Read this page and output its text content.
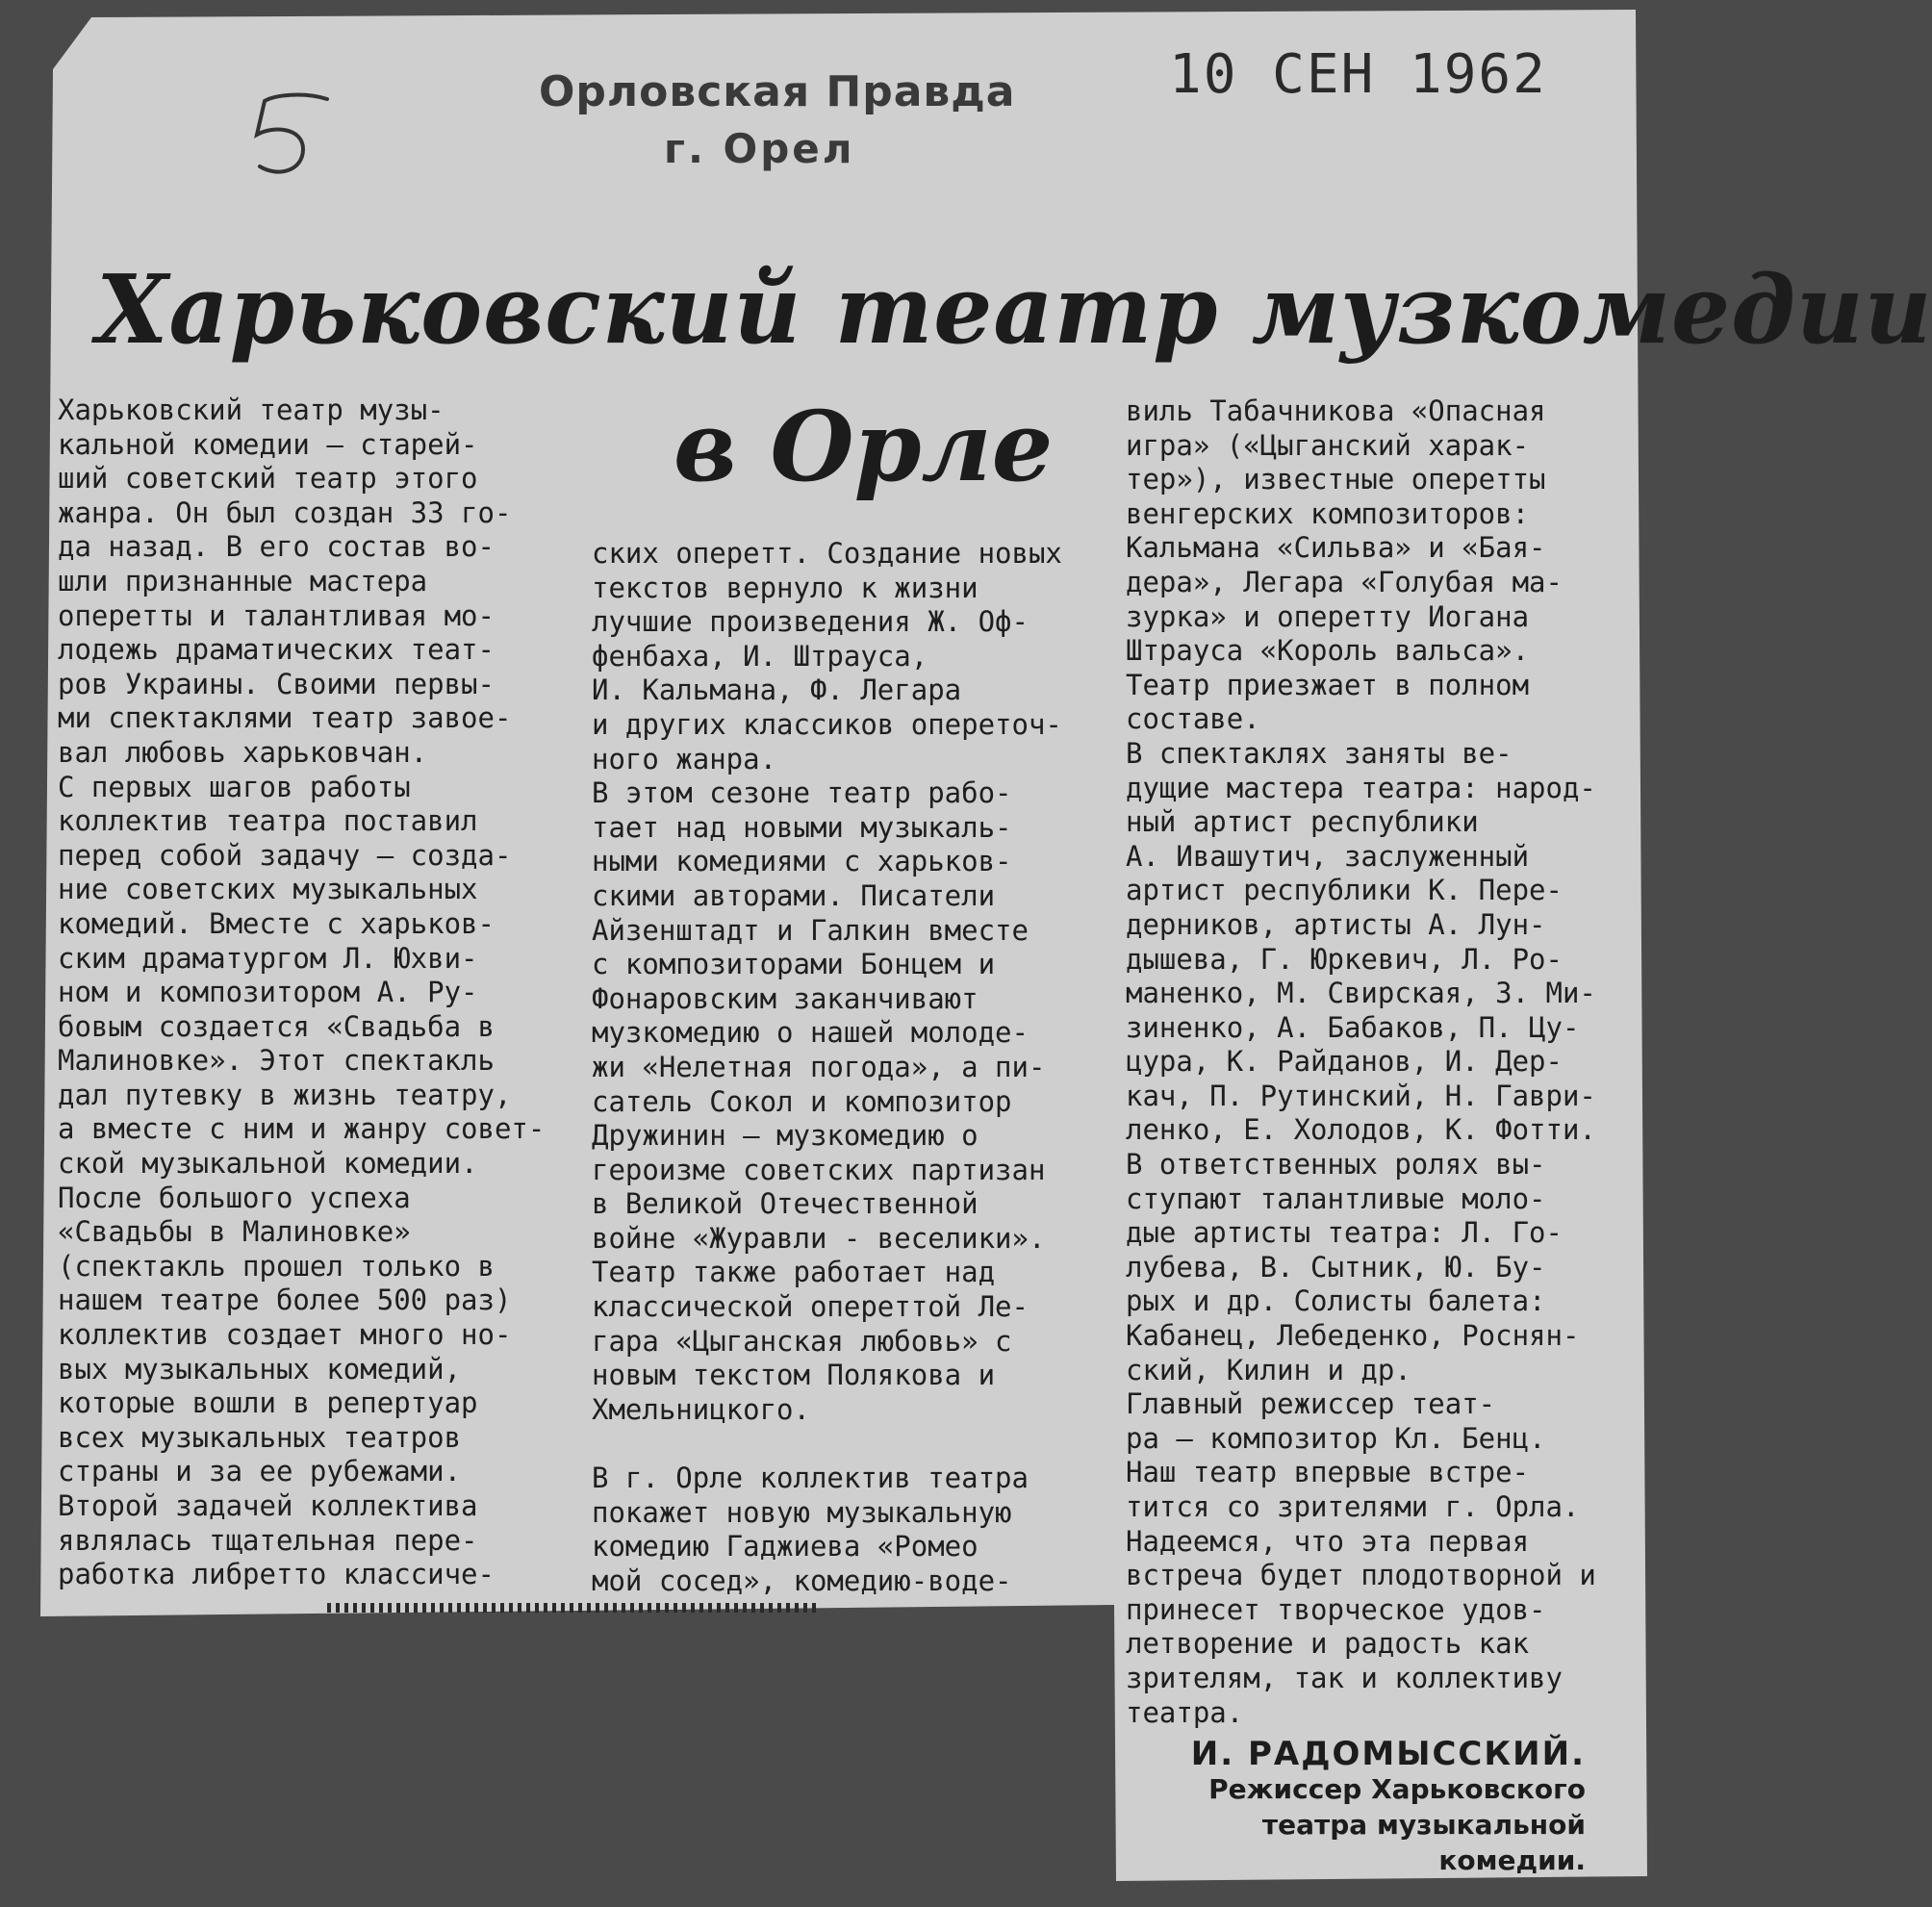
Орловская Правда
г. Орел
10 СЕН 1962
Харьковский театр музкомедии
в Орле
Харьковский театр музы-
кальной комедии — старей-
ший советский театр этого
жанра. Он был создан 33 го-
да назад. В его состав во-
шли признанные мастера
оперетты и талантливая мо-
лодежь драматических теат-
ров Украины. Своими первы-
ми спектаклями театр завое-
вал любовь харьковчан.
С первых шагов работы
коллектив театра поставил
перед собой задачу — созда-
ние советских музыкальных
комедий. Вместе с харьков-
ским драматургом Л. Юхви-
ном и композитором А. Ру-
бовым создается «Свадьба в
Малиновке». Этот спектакль
дал путевку в жизнь театру,
а вместе с ним и жанру совет-
ской музыкальной комедии.
После большого успеха
«Свадьбы в Малиновке»
(спектакль прошел только в
нашем театре более 500 раз)
коллектив создает много но-
вых музыкальных комедий,
которые вошли в репертуар
всех музыкальных театров
страны и за ее рубежами.
Второй задачей коллектива
являлась тщательная пере-
работка либретто классиче-
ских оперетт. Создание новых
текстов вернуло к жизни
лучшие произведения Ж. Оф-
фенбаха, И. Штрауса,
И. Кальмана, Ф. Легара
и других классиков опереточ-
ного жанра.
В этом сезоне театр рабо-
тает над новыми музыкаль-
ными комедиями с харьков-
скими авторами. Писатели
Айзенштадт и Галкин вместе
с композиторами Бонцем и
Фонаровским заканчивают
музкомедию о нашей молоде-
жи «Нелетная погода», а пи-
сатель Сокол и композитор
Дружинин — музкомедию о
героизме советских партизан
в Великой Отечественной
войне «Журавли - веселики».
Театр также работает над
классической опереттой Ле-
гара «Цыганская любовь» с
новым текстом Полякова и
Хмельницкого.
В г. Орле коллектив театра
покажет новую музыкальную
комедию Гаджиева «Ромео
мой сосед», комедию-воде-
виль Табачникова «Опасная
игра» («Цыганский харак-
тер»), известные оперетты
венгерских композиторов:
Кальмана «Сильва» и «Бая-
дера», Легара «Голубая ма-
зурка» и оперетту Иогана
Штрауса «Король вальса».
Театр приезжает в полном
составе.
В спектаклях заняты ве-
дущие мастера театра: народ-
ный артист республики
А. Ивашутич, заслуженный
артист республики К. Пере-
дерников, артисты А. Лун-
дышева, Г. Юркевич, Л. Ро-
маненко, М. Свирская, З. Ми-
зиненко, А. Бабаков, П. Цу-
цура, К. Райданов, И. Дер-
кач, П. Рутинский, Н. Гаври-
ленко, Е. Холодов, К. Фотти.
В ответственных ролях вы-
ступают талантливые моло-
дые артисты театра: Л. Го-
лубева, В. Сытник, Ю. Бу-
рых и др. Солисты балета:
Кабанец, Лебеденко, Роснян-
ский, Килин и др.
Главный режиссер теат-
ра — композитор Кл. Бенц.
Наш театр впервые встре-
тится со зрителями г. Орла.
Надеемся, что эта первая
встреча будет плодотворной и
принесет творческое удов-
летворение и радость как
зрителям, так и коллективу
театра.
И. РАДОМЫССКИЙ.
Режиссер Харьковского
театра музыкальной
комедии.
